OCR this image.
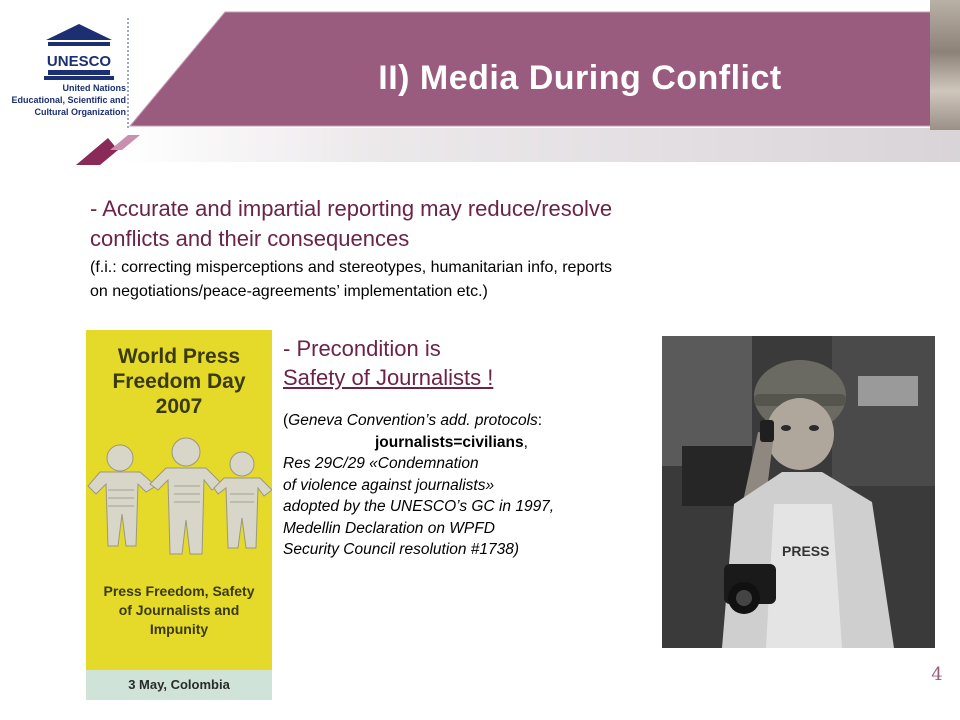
UNESCO
United Nations
Educational, Scientific and
Cultural Organization
II) Media During Conflict
- Accurate and impartial reporting may reduce/resolve
conflicts and their consequences
(f.i.: correcting misperceptions and stereotypes, humanitarian info, reports
on negotiations/peace-agreements’ implementation etc.)
World Press
Freedom Day
2007
Press Freedom, Safety
of Journalists and
Impunity
3 May, Colombia
- Precondition is
Safety of Journalists !
(Geneva Convention’s add. protocols:
journalists=civilians,
Res 29C/29 «Condemnation
of violence against journalists»
adopted by the UNESCO’s GC in 1997,
Medellin Declaration on WPFD
Security Council resolution #1738)	PRESS
4
